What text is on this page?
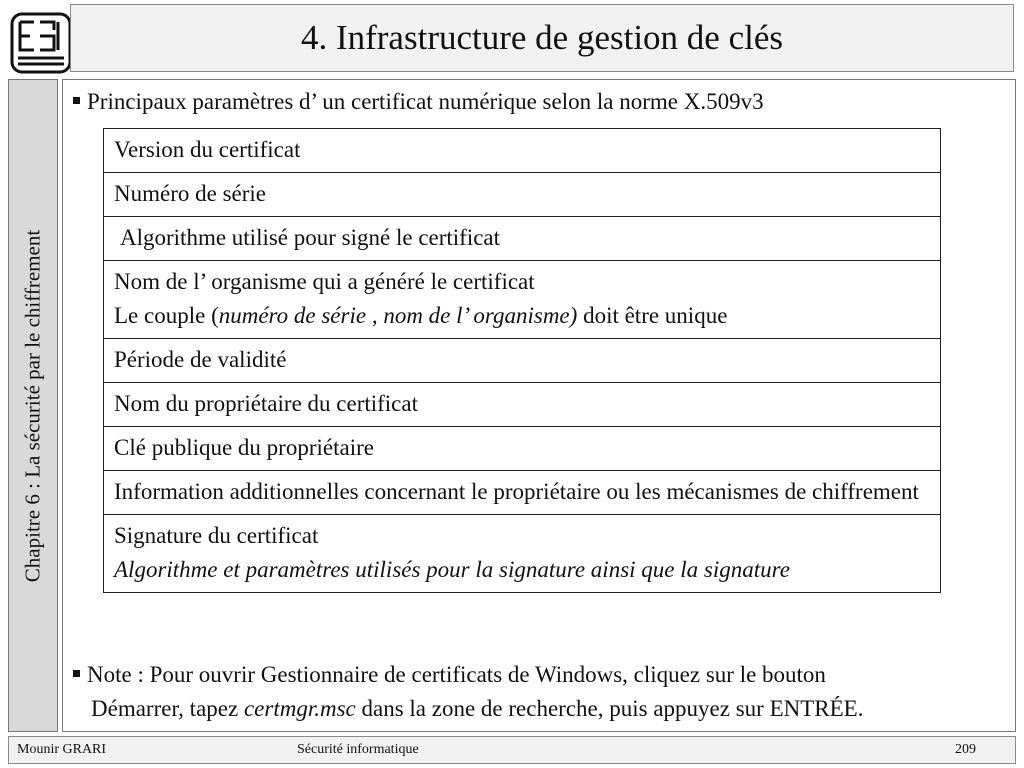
4. Infrastructure de gestion de clés
Chapitre 6 : La sécurité par le chiffrement
Principaux paramètres d’ un certificat numérique selon la norme X.509v3
Version du certificat
Numéro de série
Algorithme utilisé pour signé le certificat

Nom de l’ organisme qui a généré le certificat
Le couple (numéro de série , nom de l’ organisme) doit être unique

Période de validité
Nom du propriétaire du certificat
Clé publique du propriétaire
Information additionnelles concernant le propriétaire ou les mécanismes de chiffrement

Signature du certificat
Algorithme et paramètres utilisés pour la signature ainsi que la signature
Note : Pour ouvrir Gestionnaire de certificats de Windows, cliquez sur le bouton
Démarrer, tapez certmgr.msc dans la zone de recherche, puis appuyez sur ENTRÉE.
Mounir GRARI	Sécurité informatique	209
